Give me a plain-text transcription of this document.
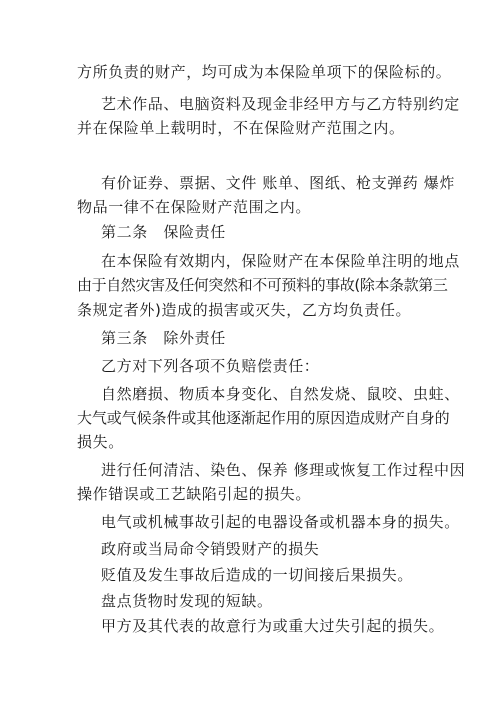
方所负责的财产，均可成为本保险单项下的保险标的。
艺术作品、电脑资料及现金非经甲方与乙方特别约定
并在保险单上载明时，不在保险财产范围之内。
有价证券、票据、文件 账单、图纸、枪支弹药 爆炸
物品一律不在保险财产范围之内。
第二条　保险责任
在本保险有效期内，保险财产在本保险单注明的地点
由于自然灾害及任何突然和不可预料的事故(除本条款第三
条规定者外)造成的损害或灭失，乙方均负责任。
第三条　除外责任
乙方对下列各项不负赔偿责任：
自然磨损、物质本身变化、自然发烧、鼠咬、虫蛀、
大气或气候条件或其他逐渐起作用的原因造成财产自身的
损失。
进行任何清洁、染色、保养 修理或恢复工作过程中因
操作错误或工艺缺陷引起的损失。
电气或机械事故引起的电器设备或机器本身的损失。
政府或当局命令销毁财产的损失
贬值及发生事故后造成的一切间接后果损失。
盘点货物时发现的短缺。
甲方及其代表的故意行为或重大过失引起的损失。
